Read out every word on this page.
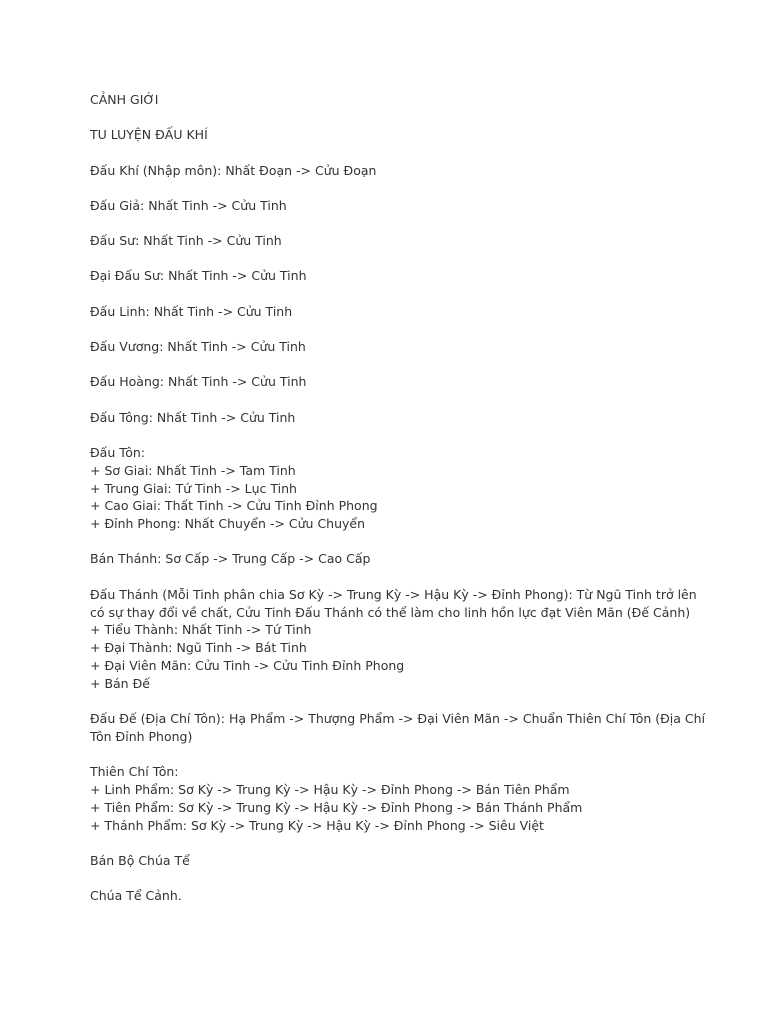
CẢNH GIỚI
TU LUYỆN ĐẤU KHÍ
Đấu Khí (Nhập môn): Nhất Đoạn -> Cửu Đoạn
Đấu Giả: Nhất Tinh -> Cửu Tinh
Đấu Sư: Nhất Tinh -> Cửu Tinh
Đại Đấu Sư: Nhất Tinh -> Cửu Tinh
Đấu Linh: Nhất Tinh -> Cửu Tinh
Đấu Vương: Nhất Tinh -> Cửu Tinh
Đấu Hoàng: Nhất Tinh -> Cửu Tinh
Đấu Tông: Nhất Tinh -> Cửu Tinh
Đấu Tôn:
+ Sơ Giai: Nhất Tinh -> Tam Tinh
+ Trung Giai: Tứ Tinh -> Lục Tinh
+ Cao Giai: Thất Tinh -> Cửu Tinh Đỉnh Phong
+ Đỉnh Phong: Nhất Chuyển -> Cửu Chuyển
Bán Thánh: Sơ Cấp -> Trung Cấp -> Cao Cấp
Đấu Thánh (Mỗi Tinh phân chia Sơ Kỳ -> Trung Kỳ -> Hậu Kỳ -> Đỉnh Phong): Từ Ngũ Tinh trở lên
có sự thay đổi về chất, Cửu Tinh Đấu Thánh có thể làm cho linh hồn lực đạt Viên Mãn (Đế Cảnh)
+ Tiểu Thành: Nhất Tinh -> Tứ Tinh
+ Đại Thành: Ngũ Tinh -> Bát Tinh
+ Đại Viên Mãn: Cửu Tinh -> Cửu Tinh Đỉnh Phong
+ Bán Đế
Đấu Đế (Địa Chí Tôn): Hạ Phẩm -> Thượng Phẩm -> Đại Viên Mãn -> Chuẩn Thiên Chí Tôn (Địa Chí
Tôn Đỉnh Phong)
Thiên Chí Tôn:
+ Linh Phẩm: Sơ Kỳ -> Trung Kỳ -> Hậu Kỳ -> Đỉnh Phong -> Bán Tiên Phẩm
+ Tiên Phẩm: Sơ Kỳ -> Trung Kỳ -> Hậu Kỳ -> Đỉnh Phong -> Bán Thánh Phẩm
+ Thánh Phẩm: Sơ Kỳ -> Trung Kỳ -> Hậu Kỳ -> Đỉnh Phong -> Siêu Việt
Bán Bộ Chúa Tể
Chúa Tể Cảnh.
